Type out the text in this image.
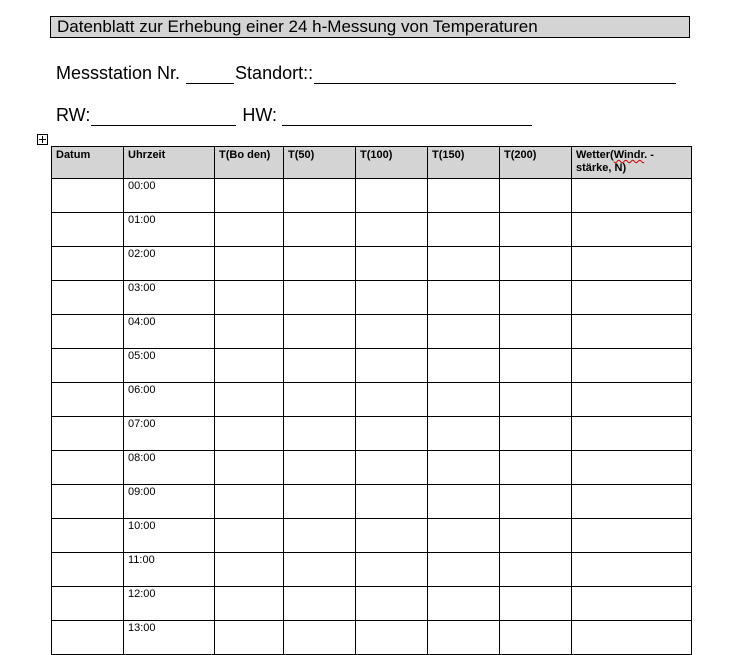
Datenblatt zur Erhebung einer 24 h-Messung von Temperaturen
Messstation Nr.	Standort::
RW:	HW:
Datum	Uhrzeit	T(Bo den)	T(50)	T(100)	T(150)	T(200)	Wetter(Windr. -
stärke, N)
	00:00						
	01:00						
	02:00						
	03:00						
	04:00						
	05:00						
	06:00						
	07:00						
	08:00						
	09:00						
	10:00						
	11:00						
	12:00						
	13:00						
